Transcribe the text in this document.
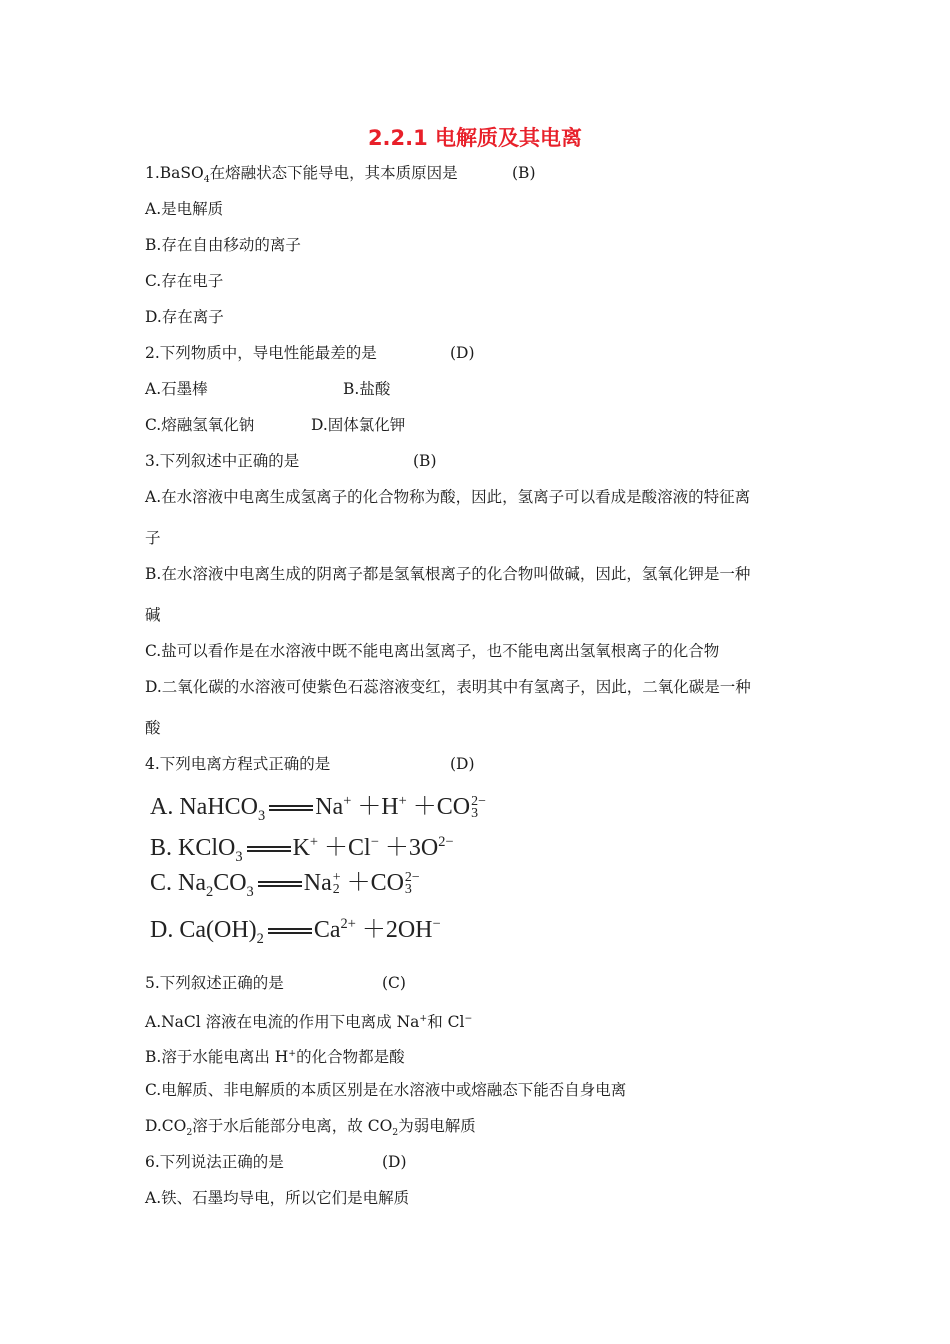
2.2.1 电解质及其电离
1.BaSO$_4$在熔融状态下能导电，其本质原因是	(B)
A.是电解质
B.存在自由移动的离子
C.存在电子
D.存在离子
2.下列物质中，导电性能最差的是	(D)
A.石墨棒	B.盐酸
C.熔融氢氧化钠	D.固体氯化钾
3.下列叙述中正确的是	(B)
A.在水溶液中电离生成氢离子的化合物称为酸，因此，氢离子可以看成是酸溶液的特征离
子
B.在水溶液中电离生成的阴离子都是氢氧根离子的化合物叫做碱，因此，氢氧化钾是一种
碱
C.盐可以看作是在水溶液中既不能电离出氢离子，也不能电离出氢氧根离子的化合物
D.二氧化碳的水溶液可使紫色石蕊溶液变红，表明其中有氢离子，因此，二氧化碳是一种
酸
4.下列电离方程式正确的是	(D)
A. NaHCO$_3$ Na+ ＋H+ ＋CO 2−
3
B. KClO$_3$ $K^+ +Cl^- +3O^{2-}$
C. $Na_2CO_3$ Na +
2 ＋CO 2−
3
D. $Ca(OH)_2$ $Ca^{2+} +2OH^-$
5.下列叙述正确的是	(C)
A.NaCl 溶液在电流的作用下电离成 Na+和 Cl−
B.溶于水能电离出 H+的化合物都是酸
C.电解质、非电解质的本质区别是在水溶液中或熔融态下能否自身电离
$D.CO_2$溶于水后能部分电离，故 $CO_2$为弱电解质
6.下列说法正确的是	(D)
A.铁、石墨均导电，所以它们是电解质
